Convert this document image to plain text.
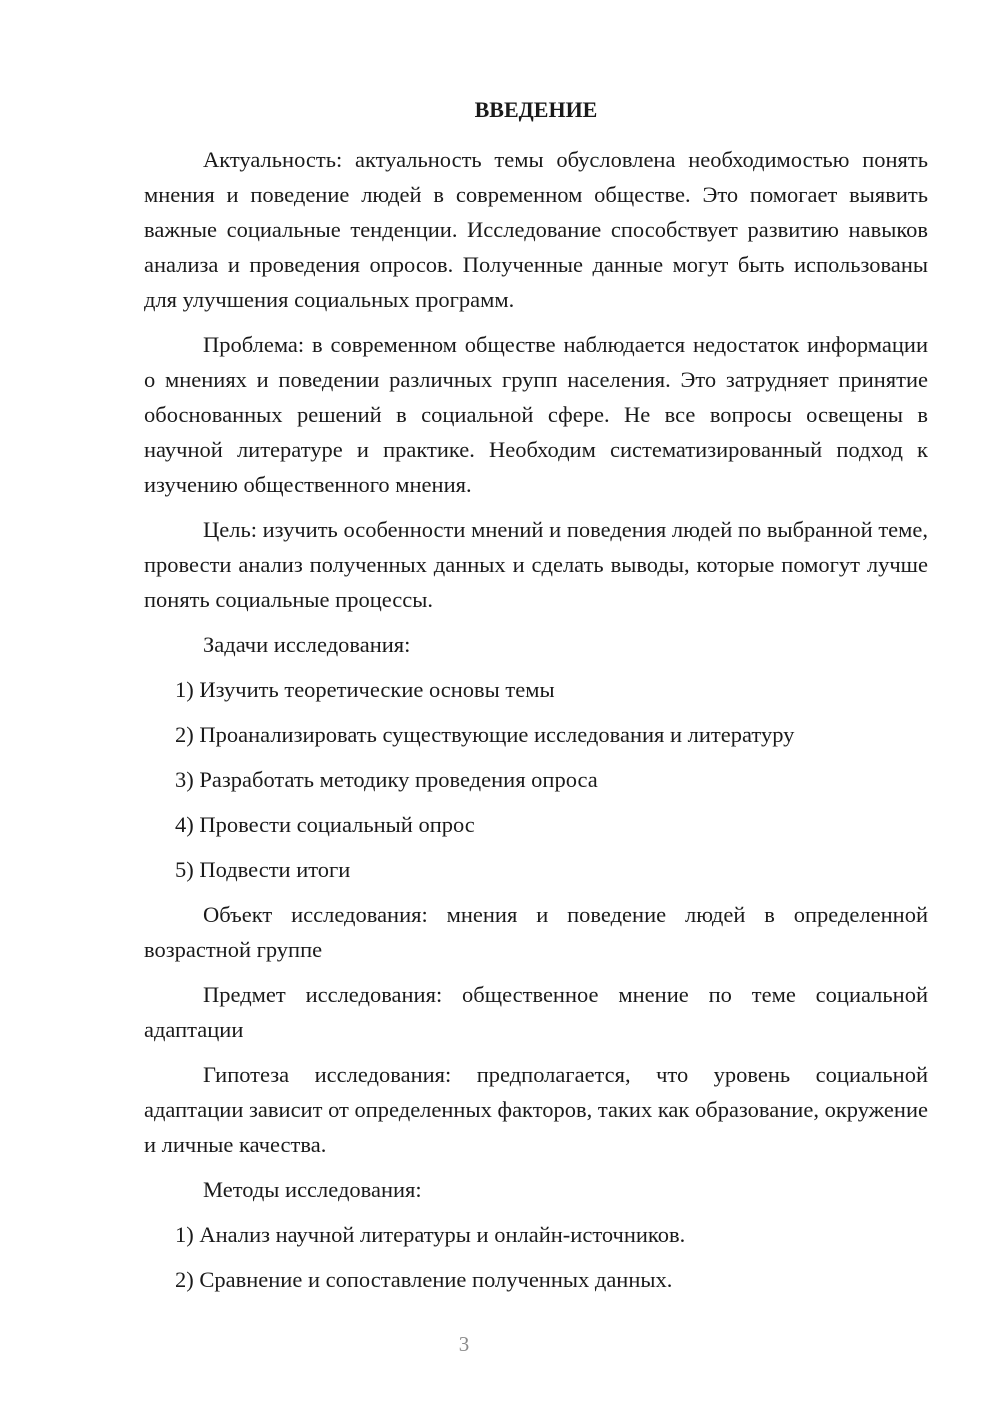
ВВЕДЕНИЕ

Актуальность: актуальность темы обусловлена необходимостью понять мнения и поведение людей в современном обществе. Это помогает выявить важные социальные тенденции. Исследование способствует развитию навыков анализа и проведения опросов. Полученные данные могут быть использованы для улучшения социальных программ.

Проблема: в современном обществе наблюдается недостаток информации о мнениях и поведении различных групп населения. Это затрудняет принятие обоснованных решений в социальной сфере. Не все вопросы освещены в научной литературе и практике. Необходим систематизированный подход к изучению общественного мнения.

Цель: изучить особенности мнений и поведения людей по выбранной теме, провести анализ полученных данных и сделать выводы, которые помогут лучше понять социальные процессы.

Задачи исследования:

1) Изучить теоретические основы темы
2) Проанализировать существующие исследования и литературу
3) Разработать методику проведения опроса
4) Провести социальный опрос
5) Подвести итоги

Объект исследования: мнения и поведение людей в определенной возрастной группе

Предмет исследования: общественное мнение по теме социальной адаптации

Гипотеза исследования: предполагается, что уровень социальной адаптации зависит от определенных факторов, таких как образование, окружение и личные качества.

Методы исследования:

1) Анализ научной литературы и онлайн-источников.
2) Сравнение и сопоставление полученных данных.
3
